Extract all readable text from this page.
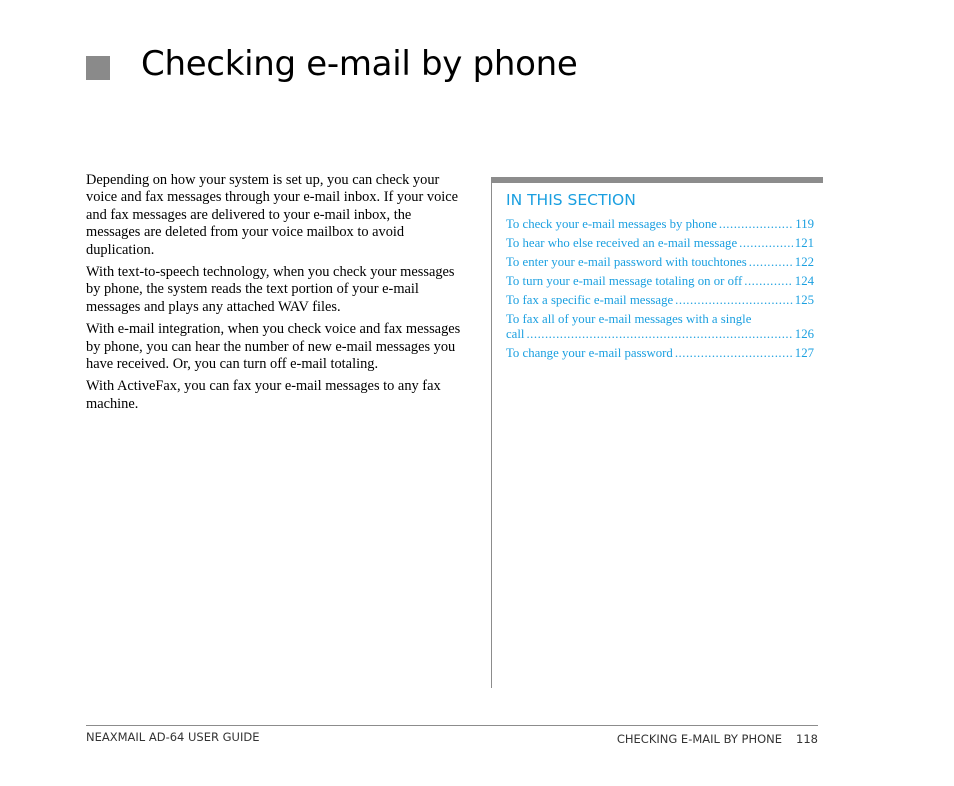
Checking e-mail by phone

Depending on how your system is set up, you can check your voice and fax messages through your e-mail inbox. If your voice and fax messages are delivered to your e-mail inbox, the messages are deleted from your voice mailbox to avoid duplication.

With text-to-speech technology, when you check your messages by phone, the system reads the text portion of your e-mail messages and plays any attached WAV files.

With e-mail integration, when you check voice and fax messages by phone, you can hear the number of new e-mail messages you have received. Or, you can turn off e-mail totaling.

With ActiveFax, you can fax your e-mail messages to any fax machine.

IN THIS SECTION
To check your e-mail messages by phone .....	119
To hear who else received an e-mail message .....	121
To enter your e-mail password with touchtones .....	122
To turn your e-mail message totaling on or off .....	124
To fax a specific e-mail message .....	125
To fax all of your e-mail messages with a single
call .....	126
To change your e-mail password .....	127
NEAXMAIL AD-64 USER GUIDE	CHECKING E-MAIL BY PHONE 118
